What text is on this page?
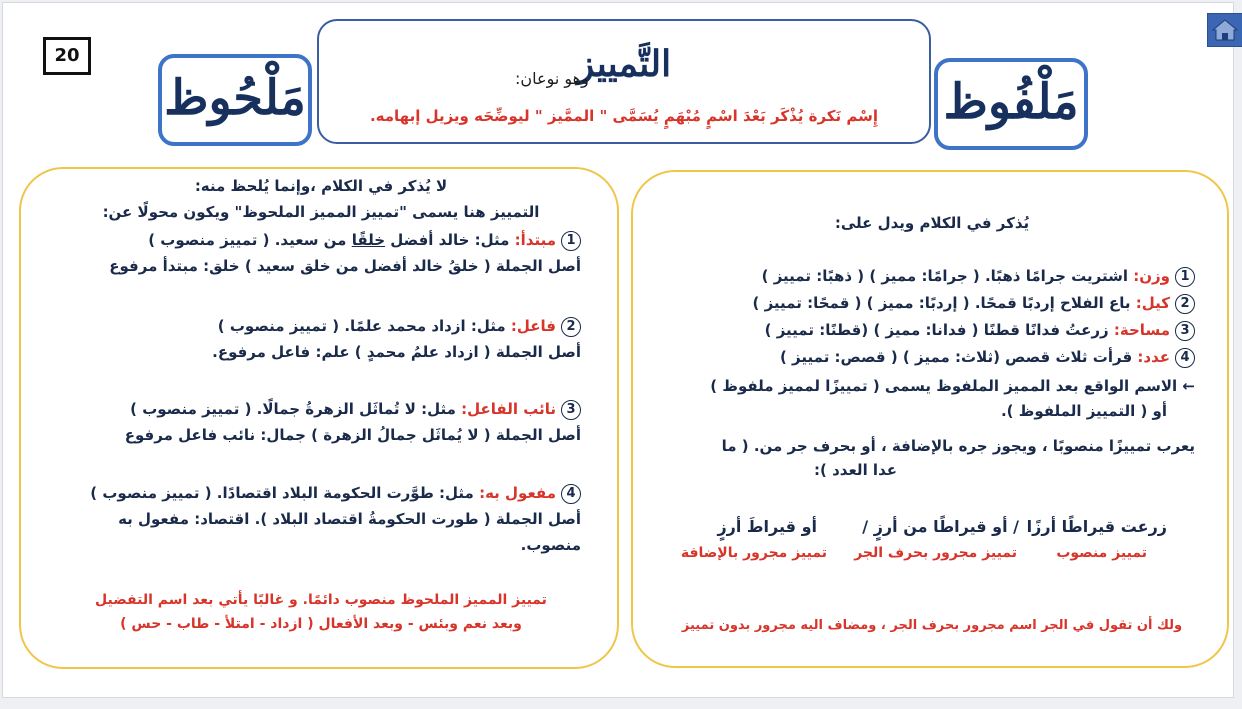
20	التَّمييز
وهو نوعان:
إِسْم نَكرة يُذْكَر بَعْدَ اسْمٍ مُبْهَمٍ يُسَمَّى " الممَّيز " ليوضِّحَه ويزيل إبهامه.
مَلْحُوظ	مَلْفُوظ
لا يُذكر في الكلام ،وإنما يُلحظ منه:
التمييز هنا يسمى "تمييز المميز الملحوظ" ويكون محولًا عن:
1مبتدأ: مثل: خالد أفضل خلقًا من سعيد. ( تمييز منصوب )
أصل الجملة ( خلقُ خالد أفضل من خلق سعيد ) خلق: مبتدأ مرفوع
2فاعل: مثل: ازداد محمد علمًا. ( تمييز منصوب )
أصل الجملة ( ازداد علمُ محمدٍ ) علم: فاعل مرفوع.
3نائب الفاعل: مثل: لا تُماثَل الزهرةُ جمالًا. ( تمييز منصوب )
أصل الجملة ( لا يُماثَل جمالُ الزهرة ) جمال: نائب فاعل مرفوع
4مفعول به: مثل: طوَّرت الحكومة البلاد اقتصادًا. ( تمييز منصوب )
أصل الجملة ( طورت الحكومةُ اقتصاد البلاد ). اقتصاد: مفعول به
منصوب.
تمييز المميز الملحوظ منصوب دائمًا. و غالبًا يأتي بعد اسم التفضيل
وبعد نعم وبئس - وبعد الأفعال ( ازداد - امتلأ - طاب - حس )
يُذكر في الكلام ويدل على:
1وزن: اشتريت جرامًا ذهبًا. ( جرامًا: مميز ) ( ذهبًا: تمييز )
2كيل: باع الفلاح إردبًا قمحًا. ( إردبًا: مميز ) ( قمحًا: تمييز )
3مساحة: زرعتُ فدانًا قطنًا ( فدانا: مميز ) (قطنًا: تمييز )
4عدد: قرأت ثلاث قصص (ثلاث: مميز ) ( قصص: تمييز )
← الاسم الواقع بعد المميز الملفوظ يسمى ( تمييزًا لمميز ملفوظ )
أو ( التمييز الملفوظ ).
يعرب تمييزًا منصوبًا ، ويجوز جره بالإضافة ، أو بحرف جر من. ( ما
عدا العدد ):
زرعت قيراطًا أرزًا
/ أو قيراطًا من أرزٍ /
أو قيراطَ أرزٍ
تمييز منصوب
تمييز مجرور بحرف الجر
تمييز مجرور بالإضافة
ولك أن تقول في الجر اسم مجرور بحرف الجر ، ومضاف اليه مجرور بدون تمييز
